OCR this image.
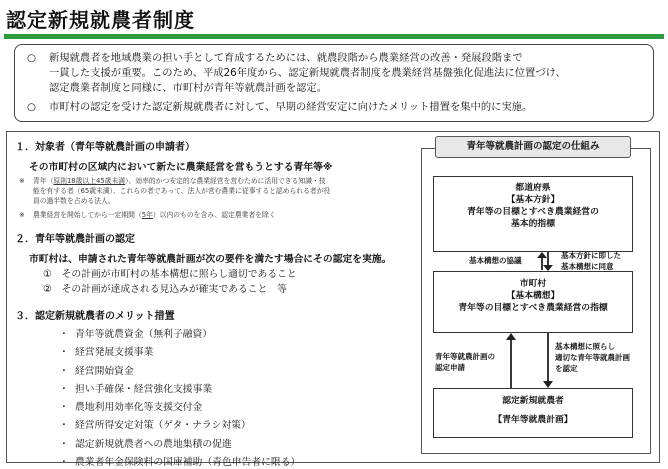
認定新規就農者制度
○ 新規就農者を地域農業の担い手として育成するためには、就農段階から農業経営の改善・発展段階まで
一貫した支援が重要。このため、平成26年度から、認定新規就農者制度を農業経営基盤強化促進法に位置づけ、
認定農業者制度と同様に、市町村が青年等就農計画を認定。
○ 市町村の認定を受けた認定新規就農者に対して、早期の経営安定に向けたメリット措置を集中的に実施。
１．対象者（青年等就農計画の申請者）
その市町村の区域内において新たに農業経営を営もうとする青年等※
※ 青年（原則18歳以上45歳未満）、効率的かつ安定的な農業経営を営むために活用できる知識・技
能を有する者（65歳未満）、これらの者であって、法人が営む農業に従事すると認められる者が役
員の過半数を占める法人。
※ 農業経営を開始してから一定期間（5年）以内のものを含み、認定農業者を除く
２．青年等就農計画の認定
市町村は、申請された青年等就農計画が次の要件を満たす場合にその認定を実施。
①　その計画が市町村の基本構想に照らし適切であること
②　その計画が達成される見込みが確実であること　等
３．認定新規就農者のメリット措置
・ 青年等就農資金（無利子融資）
・ 経営発展支援事業
・ 経営開始資金
・ 担い手確保・経営強化支援事業
・ 農地利用効率化等支援交付金
・ 経営所得安定対策（ゲタ・ナラシ対策）
・ 認定新規就農者への農地集積の促進
・ 農業者年金保険料の国庫補助（青色申告者に限る）
青年等就農計画の認定の仕組み
都道府県
【基本方針】
青年等の目標とすべき農業経営の
基本的指標
基本構想の協議
基本方針に即した
基本構想に同意
市町村
【基本構想】
青年等の目標とすべき農業経営の指標
青年等就農計画の
認定申請
基本構想に照らし
適切な青年等就農計画
を認定
認定新規就農者
【青年等就農計画】
